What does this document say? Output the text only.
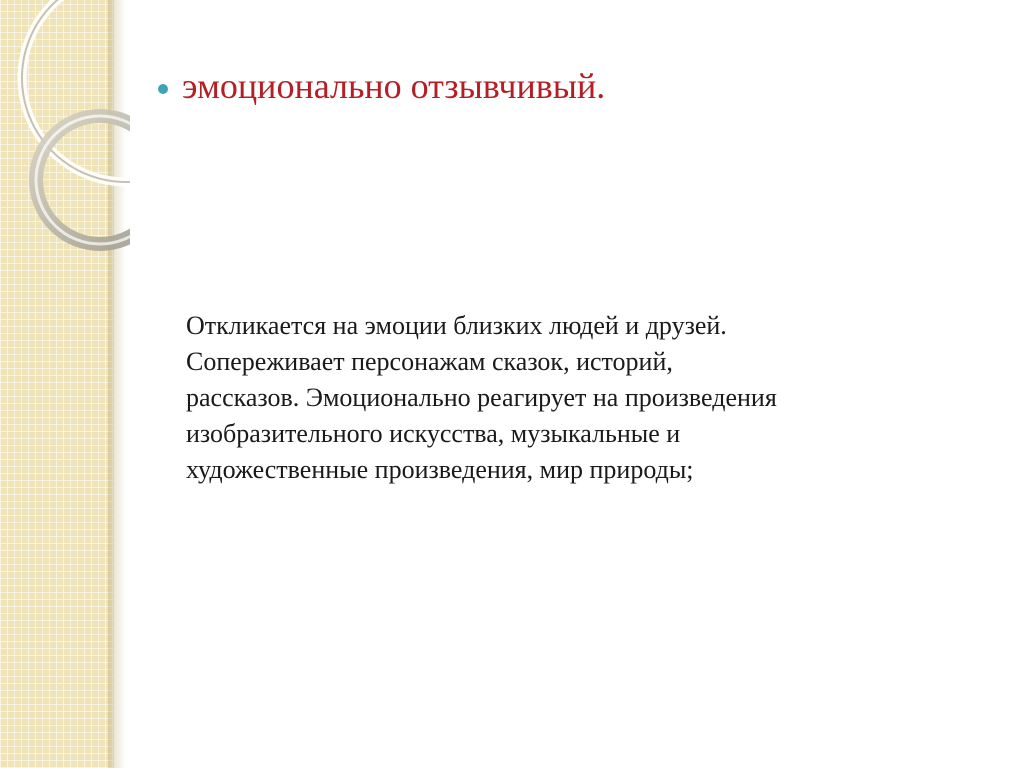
эмоционально отзывчивый.
Откликается на эмоции близких людей и друзей.
Сопереживает персонажам сказок, историй,
рассказов. Эмоционально реагирует на произведения
изобразительного искусства, музыкальные и
художественные произведения, мир природы;
